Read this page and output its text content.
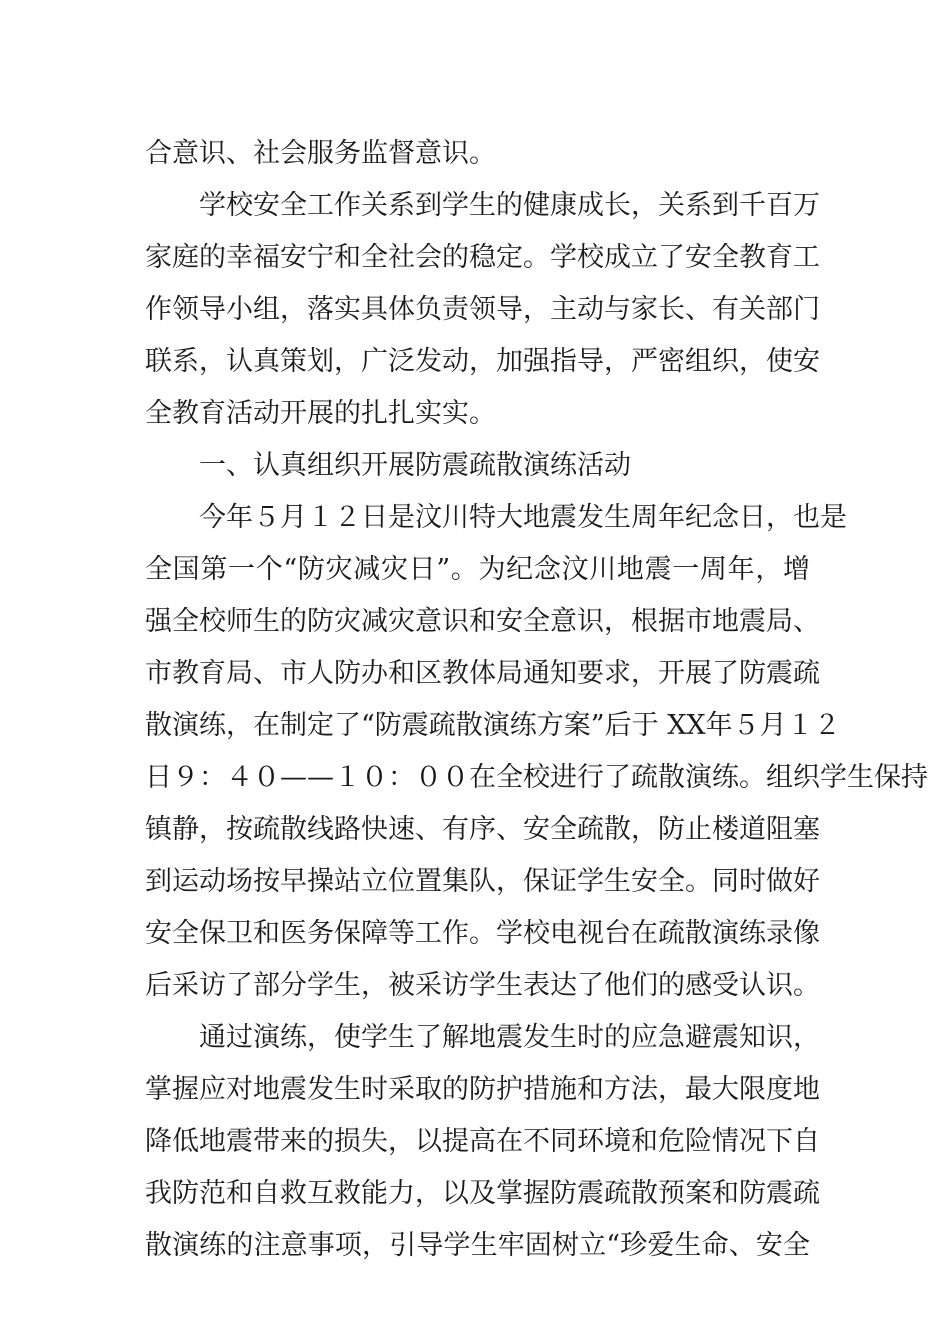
合意识、社会服务监督意识。
学校安全工作关系到学生的健康成长，关系到千百万
家庭的幸福安宁和全社会的稳定。学校成立了安全教育工
作领导小组，落实具体负责领导，主动与家长、有关部门
联系，认真策划，广泛发动，加强指导，严密组织，使安
全教育活动开展的扎扎实实。
一、认真组织开展防震疏散演练活动
今年５月１２日是汶川特大地震发生周年纪念日，也是
全国第一个“防灾减灾日”。为纪念汶川地震一周年，增
强全校师生的防灾减灾意识和安全意识，根据市地震局、
市教育局、市人防办和区教体局通知要求，开展了防震疏
散演练，在制定了“防震疏散演练方案”后于 XX年５月１２
日９：４０——１０：００在全校进行了疏散演练。组织学生保持
镇静，按疏散线路快速、有序、安全疏散，防止楼道阻塞
到运动场按早操站立位置集队，保证学生安全。同时做好
安全保卫和医务保障等工作。学校电视台在疏散演练录像
后采访了部分学生，被采访学生表达了他们的感受认识。
通过演练，使学生了解地震发生时的应急避震知识，
掌握应对地震发生时采取的防护措施和方法，最大限度地
降低地震带来的损失，以提高在不同环境和危险情况下自
我防范和自救互救能力，以及掌握防震疏散预案和防震疏
散演练的注意事项，引导学生牢固树立“珍爱生命、安全
